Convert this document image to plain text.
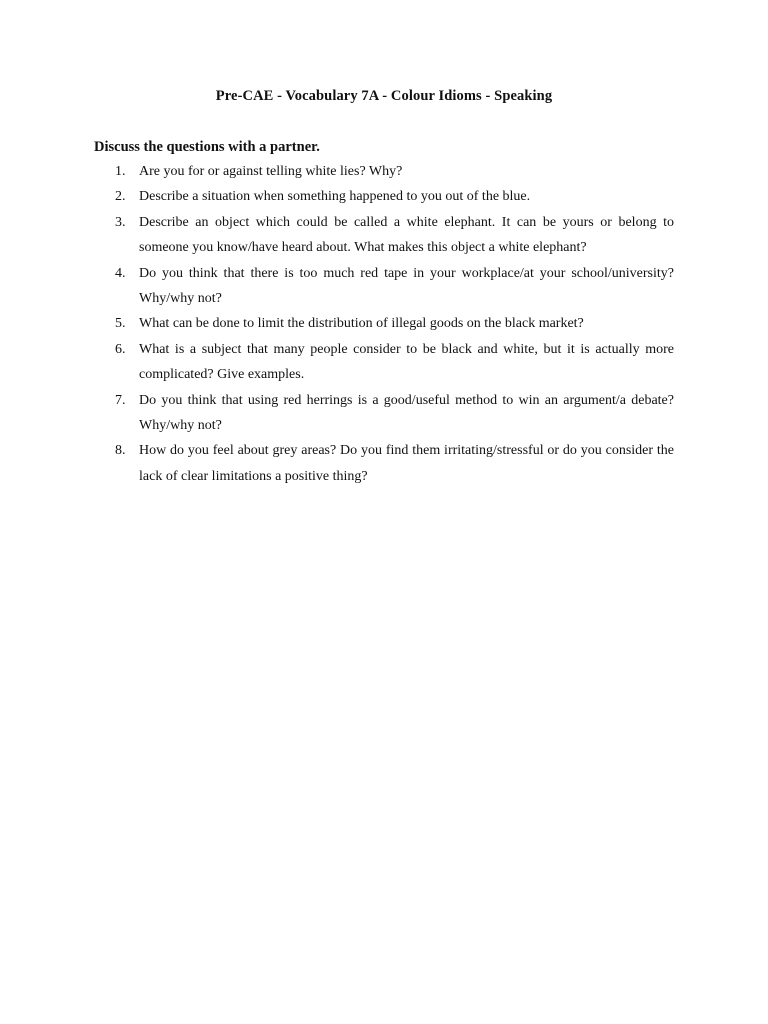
Pre-CAE - Vocabulary 7A - Colour Idioms - Speaking
Discuss the questions with a partner.
1. Are you for or against telling white lies? Why?
2. Describe a situation when something happened to you out of the blue.
3. Describe an object which could be called a white elephant. It can be yours or belong to someone you know/have heard about. What makes this object a white elephant?
4. Do you think that there is too much red tape in your workplace/at your school/university? Why/why not?
5. What can be done to limit the distribution of illegal goods on the black market?
6. What is a subject that many people consider to be black and white, but it is actually more complicated? Give examples.
7. Do you think that using red herrings is a good/useful method to win an argument/a debate? Why/why not?
8. How do you feel about grey areas? Do you find them irritating/stressful or do you consider the lack of clear limitations a positive thing?
